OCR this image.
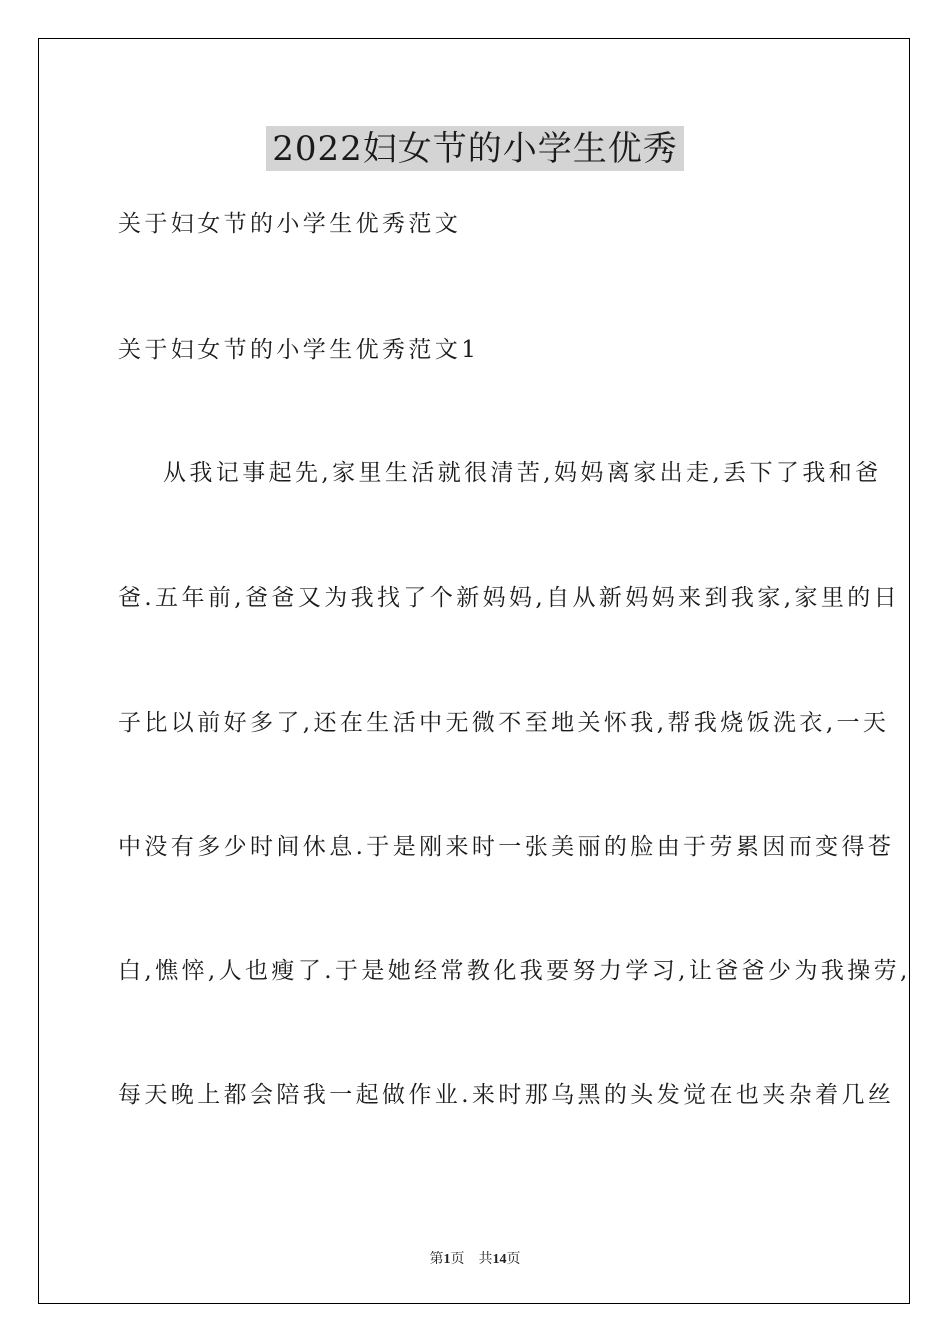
2022妇女节的小学生优秀

关于妇女节的小学生优秀范文

关于妇女节的小学生优秀范文1

从我记事起先,家里生活就很清苦,妈妈离家出走,丢下了我和爸

爸.五年前,爸爸又为我找了个新妈妈,自从新妈妈来到我家,家里的日

子比以前好多了,还在生活中无微不至地关怀我,帮我烧饭洗衣,一天

中没有多少时间休息.于是刚来时一张美丽的脸由于劳累因而变得苍

白,憔悴,人也瘦了.于是她经常教化我要努力学习,让爸爸少为我操劳,

每天晚上都会陪我一起做作业.来时那乌黑的头发觉在也夹杂着几丝

第1页 共14页
